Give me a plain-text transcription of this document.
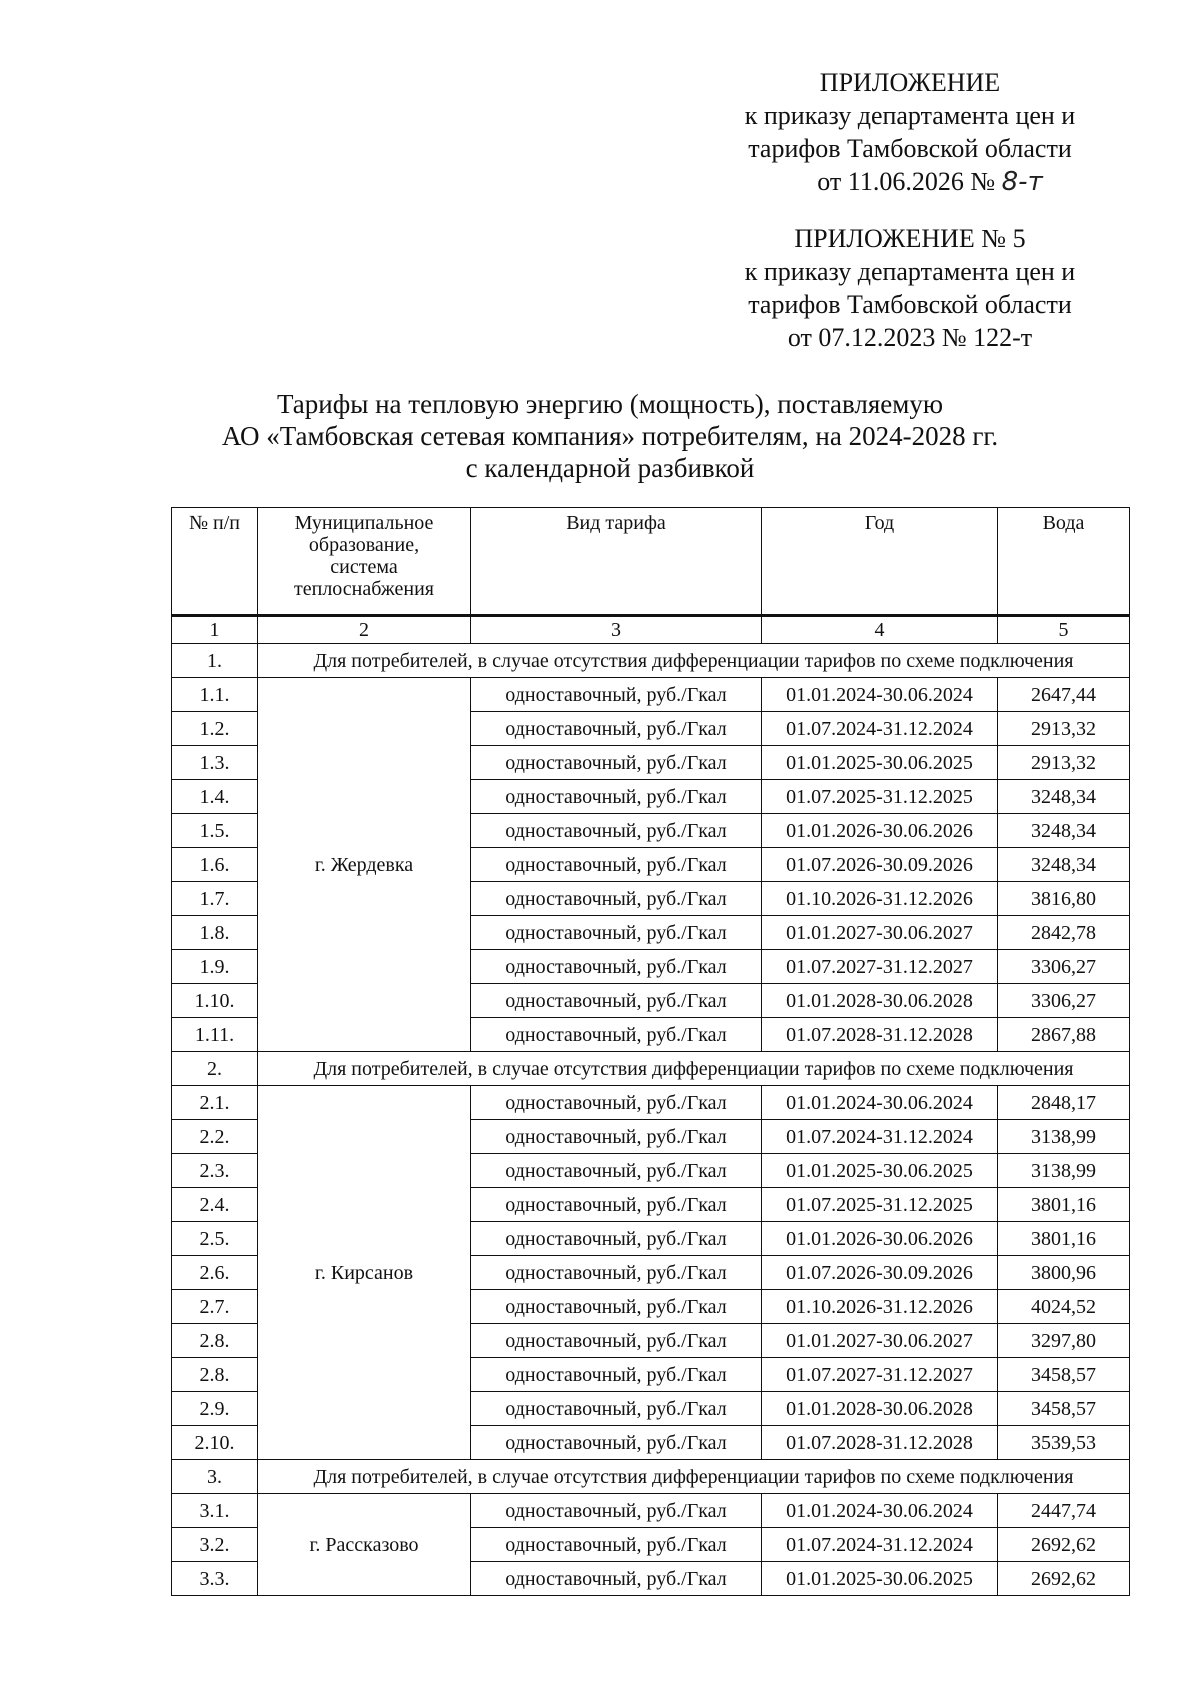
ПРИЛОЖЕНИЕ
к приказу департамента цен и
тарифов Тамбовской области
от 11.06.2026 № 8-т
ПРИЛОЖЕНИЕ № 5
к приказу департамента цен и
тарифов Тамбовской области
от 07.12.2023 № 122-т
Тарифы на тепловую энергию (мощность), поставляемую
АО «Тамбовская сетевая компания» потребителям, на 2024-2028 гг.
с календарной разбивкой
№ п/п	Муниципальное
образование,
система
теплоснабжения	Вид тарифа	Год	Вода
1	2	3	4	5
1.	Для потребителей, в случае отсутствия дифференциации тарифов по схеме подключения			
1.1.	г. Жердевка	одноставочный, руб./Гкал	01.01.2024-30.06.2024	2647,44
1.2.		одноставочный, руб./Гкал	01.07.2024-31.12.2024	2913,32
1.3.		одноставочный, руб./Гкал	01.01.2025-30.06.2025	2913,32
1.4.		одноставочный, руб./Гкал	01.07.2025-31.12.2025	3248,34
1.5.		одноставочный, руб./Гкал	01.01.2026-30.06.2026	3248,34
1.6.		одноставочный, руб./Гкал	01.07.2026-30.09.2026	3248,34
1.7.		одноставочный, руб./Гкал	01.10.2026-31.12.2026	3816,80
1.8.		одноставочный, руб./Гкал	01.01.2027-30.06.2027	2842,78
1.9.		одноставочный, руб./Гкал	01.07.2027-31.12.2027	3306,27
1.10.		одноставочный, руб./Гкал	01.01.2028-30.06.2028	3306,27
1.11.		одноставочный, руб./Гкал	01.07.2028-31.12.2028	2867,88
2.	Для потребителей, в случае отсутствия дифференциации тарифов по схеме подключения			
2.1.	г. Кирсанов	одноставочный, руб./Гкал	01.01.2024-30.06.2024	2848,17
2.2.		одноставочный, руб./Гкал	01.07.2024-31.12.2024	3138,99
2.3.		одноставочный, руб./Гкал	01.01.2025-30.06.2025	3138,99
2.4.		одноставочный, руб./Гкал	01.07.2025-31.12.2025	3801,16
2.5.		одноставочный, руб./Гкал	01.01.2026-30.06.2026	3801,16
2.6.		одноставочный, руб./Гкал	01.07.2026-30.09.2026	3800,96
2.7.		одноставочный, руб./Гкал	01.10.2026-31.12.2026	4024,52
2.8.		одноставочный, руб./Гкал	01.01.2027-30.06.2027	3297,80
2.8.		одноставочный, руб./Гкал	01.07.2027-31.12.2027	3458,57
2.9.		одноставочный, руб./Гкал	01.01.2028-30.06.2028	3458,57
2.10.		одноставочный, руб./Гкал	01.07.2028-31.12.2028	3539,53
3.	Для потребителей, в случае отсутствия дифференциации тарифов по схеме подключения			
3.1.	г. Рассказово	одноставочный, руб./Гкал	01.01.2024-30.06.2024	2447,74
3.2.		одноставочный, руб./Гкал	01.07.2024-31.12.2024	2692,62
3.3.		одноставочный, руб./Гкал	01.01.2025-30.06.2025	2692,62
